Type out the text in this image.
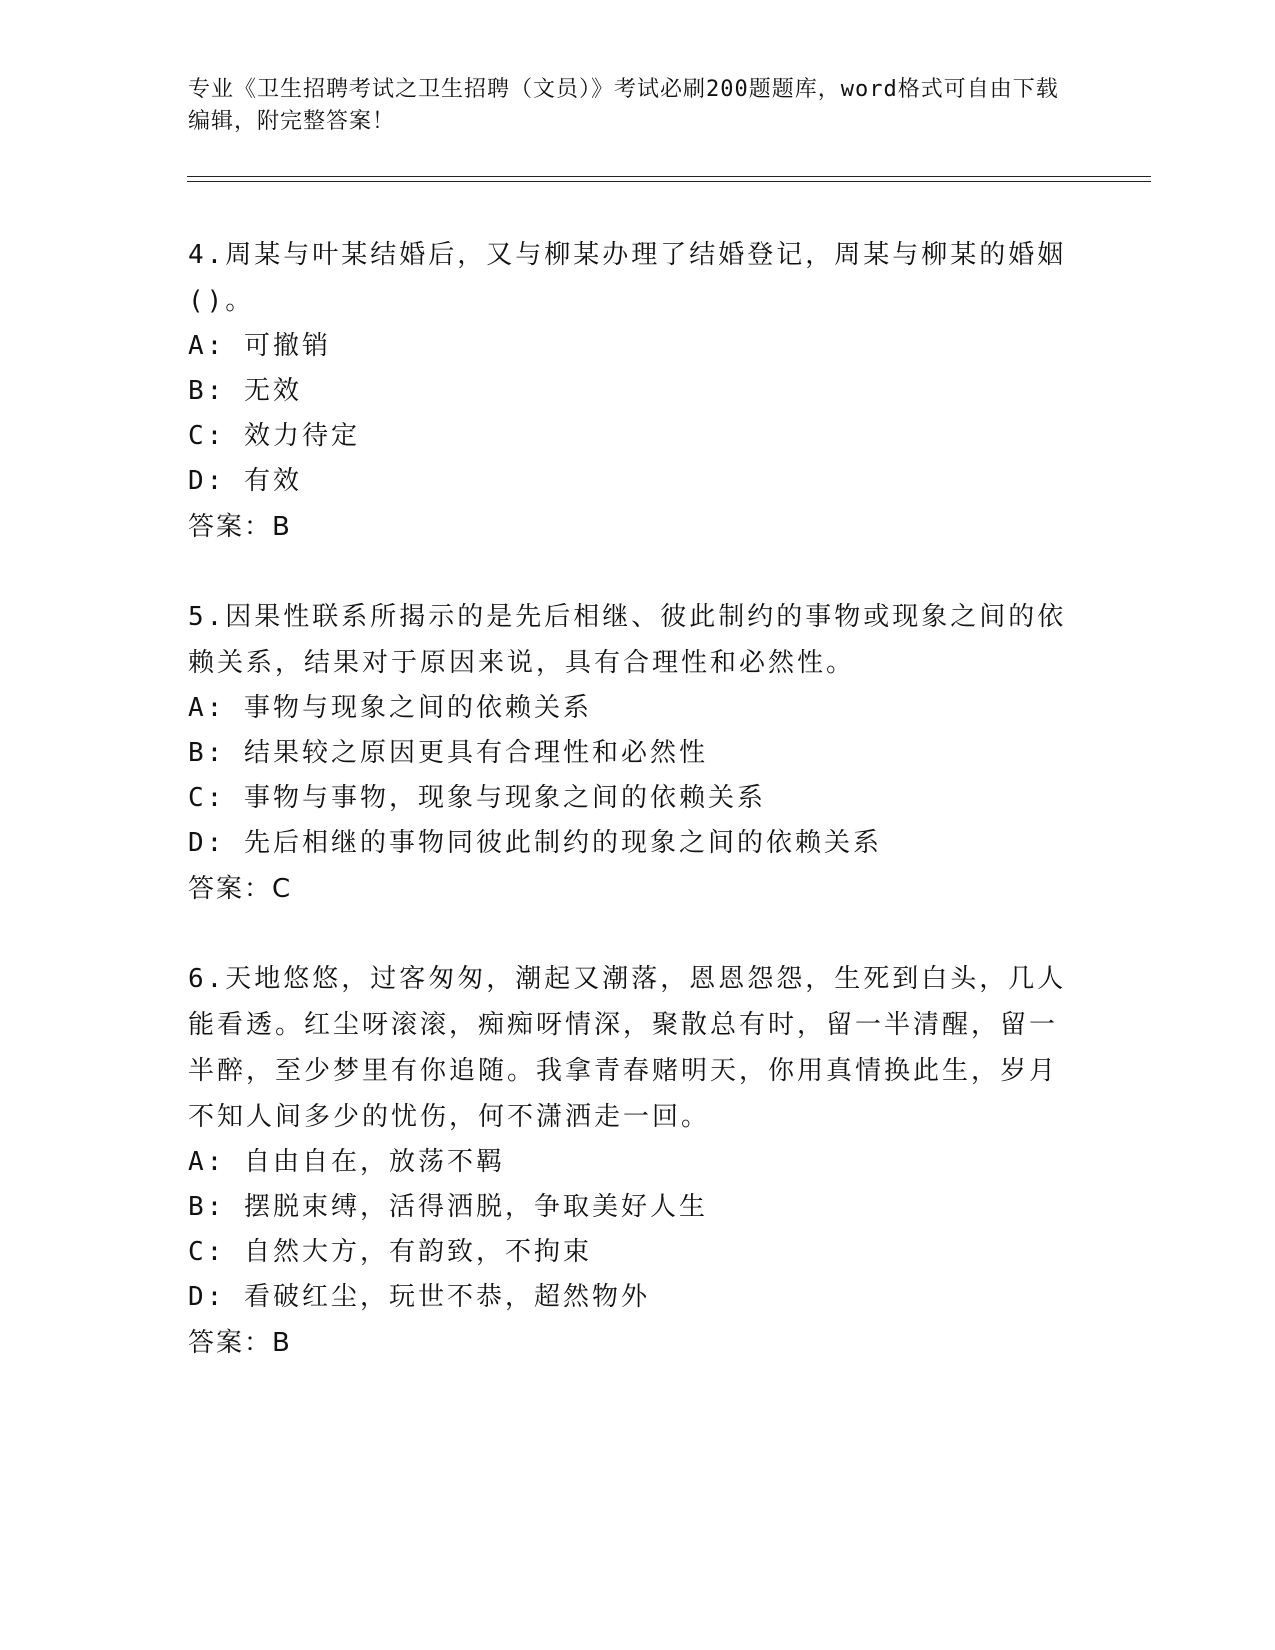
专业《卫生招聘考试之卫生招聘（文员）》考试必刷200题题库，word格式可自由下载编辑，附完整答案！
4.周某与叶某结婚后，又与柳某办理了结婚登记，周某与柳某的婚姻()。
A: 可撤销
B: 无效
C: 效力待定
D: 有效
答案：B
5.因果性联系所揭示的是先后相继、彼此制约的事物或现象之间的依赖关系，结果对于原因来说，具有合理性和必然性。
A: 事物与现象之间的依赖关系
B: 结果较之原因更具有合理性和必然性
C: 事物与事物，现象与现象之间的依赖关系
D: 先后相继的事物同彼此制约的现象之间的依赖关系
答案：C
6.天地悠悠，过客匆匆，潮起又潮落，恩恩怨怨，生死到白头，几人能看透。红尘呀滚滚，痴痴呀情深，聚散总有时，留一半清醒，留一半醉，至少梦里有你追随。我拿青春赌明天，你用真情换此生，岁月不知人间多少的忧伤，何不潇洒走一回。
A: 自由自在，放荡不羁
B: 摆脱束缚，活得洒脱，争取美好人生
C: 自然大方，有韵致，不拘束
D: 看破红尘，玩世不恭，超然物外
答案：B
